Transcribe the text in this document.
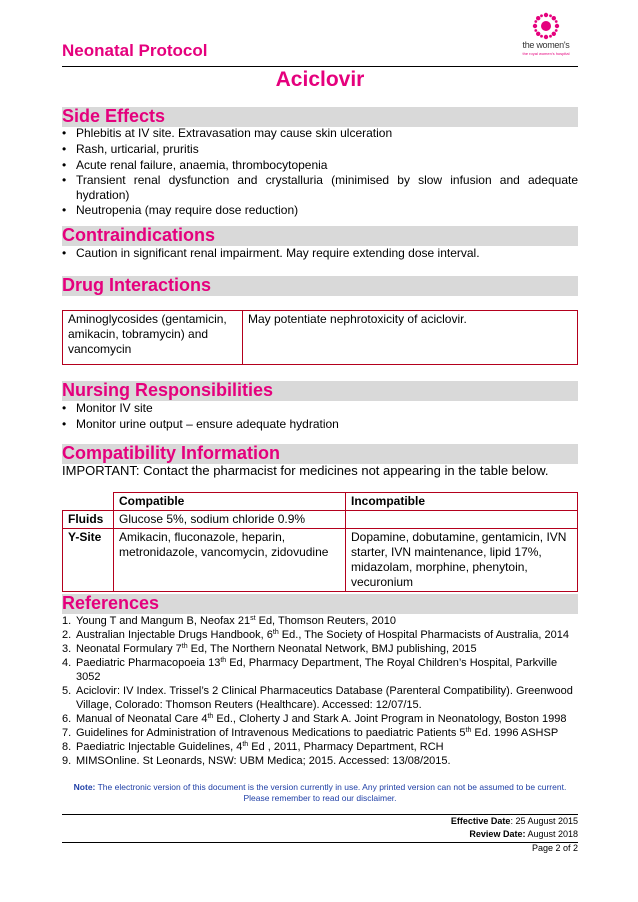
Neonatal Protocol	the women's
the royal women's hospital
Aciclovir
Side Effects
• Phlebitis at IV site. Extravasation may cause skin ulceration
• Rash, urticarial, pruritis
• Acute renal failure, anaemia, thrombocytopenia
• Transient renal dysfunction and crystalluria (minimised by slow infusion and adequate hydration)
• Neutropenia (may require dose reduction)
Contraindications
• Caution in significant renal impairment. May require extending dose interval.
Drug Interactions
Aminoglycosides (gentamicin, amikacin, tobramycin) and vancomycin	May potentiate nephrotoxicity of aciclovir.
Nursing Responsibilities
• Monitor IV site
• Monitor urine output – ensure adequate hydration
Compatibility Information
IMPORTANT: Contact the pharmacist for medicines not appearing in the table below.
	Compatible	Incompatible
Fluids	Glucose 5%, sodium chloride 0.9%	
Y-Site	Amikacin, fluconazole, heparin, metronidazole, vancomycin, zidovudine	Dopamine, dobutamine, gentamicin, IVN starter, IVN maintenance, lipid 17%, midazolam, morphine, phenytoin, vecuronium
References
1. Young T and Mangum B, Neofax 21st Ed, Thomson Reuters, 2010
2. Australian Injectable Drugs Handbook, 6th Ed., The Society of Hospital Pharmacists of Australia, 2014
3. Neonatal Formulary 7th Ed, The Northern Neonatal Network, BMJ publishing, 2015
4. Paediatric Pharmacopoeia 13th Ed, Pharmacy Department, The Royal Children’s Hospital, Parkville 3052
5. Aciclovir: IV Index. Trissel’s 2 Clinical Pharmaceutics Database (Parenteral Compatibility). Greenwood Village, Colorado: Thomson Reuters (Healthcare). Accessed: 12/07/15.
6. Manual of Neonatal Care 4th Ed., Cloherty J and Stark A. Joint Program in Neonatology, Boston 1998
7. Guidelines for Administration of Intravenous Medications to paediatric Patients 5th Ed. 1996 ASHSP
8. Paediatric Injectable Guidelines, 4th Ed , 2011, Pharmacy Department, RCH
9. MIMSOnline. St Leonards, NSW: UBM Medica; 2015. Accessed: 13/08/2015.
Note: The electronic version of this document is the version currently in use. Any printed version can not be assumed to be current.
Please remember to read our disclaimer.
Effective Date: 25 August 2015
Review Date: August 2018
Page 2 of 2
